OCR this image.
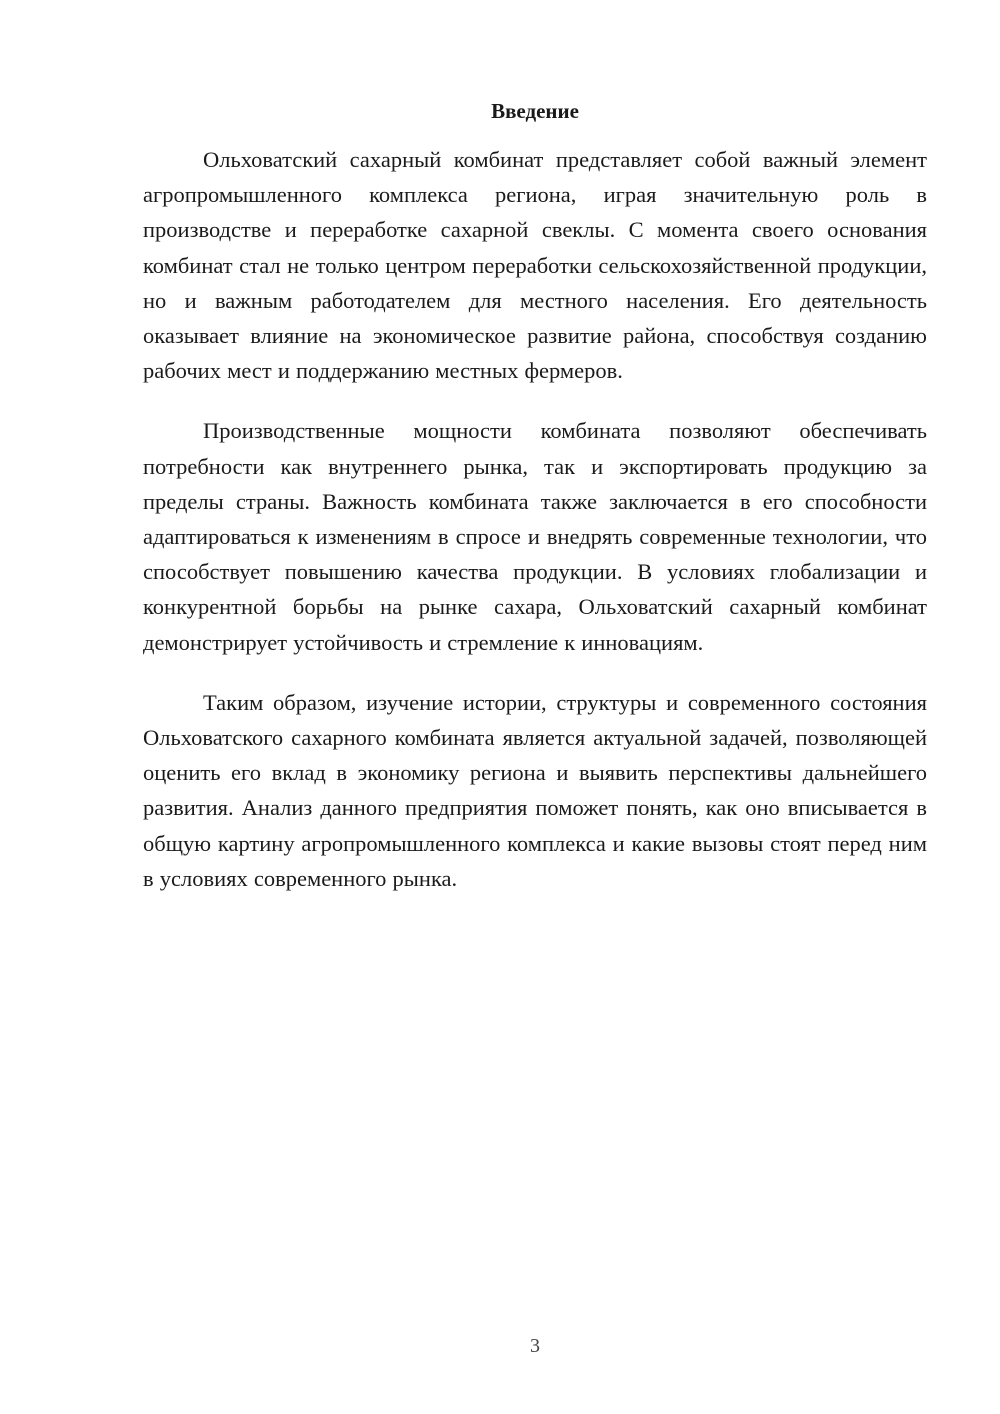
Введение

Ольховатский сахарный комбинат представляет собой важный элемент агропромышленного комплекса региона, играя значительную роль в производстве и переработке сахарной свеклы. С момента своего основания комбинат стал не только центром переработки сельскохозяйственной продукции, но и важным работодателем для местного населения. Его деятельность оказывает влияние на экономическое развитие района, способствуя созданию рабочих мест и поддержанию местных фермеров.

Производственные мощности комбината позволяют обеспечивать потребности как внутреннего рынка, так и экспортировать продукцию за пределы страны. Важность комбината также заключается в его способности адаптироваться к изменениям в спросе и внедрять современные технологии, что способствует повышению качества продукции. В условиях глобализации и конкурентной борьбы на рынке сахара, Ольховатский сахарный комбинат демонстрирует устойчивость и стремление к инновациям.

Таким образом, изучение истории, структуры и современного состояния Ольховатского сахарного комбината является актуальной задачей, позволяющей оценить его вклад в экономику региона и выявить перспективы дальнейшего развития. Анализ данного предприятия поможет понять, как оно вписывается в общую картину агропромышленного комплекса и какие вызовы стоят перед ним в условиях современного рынка.

3
